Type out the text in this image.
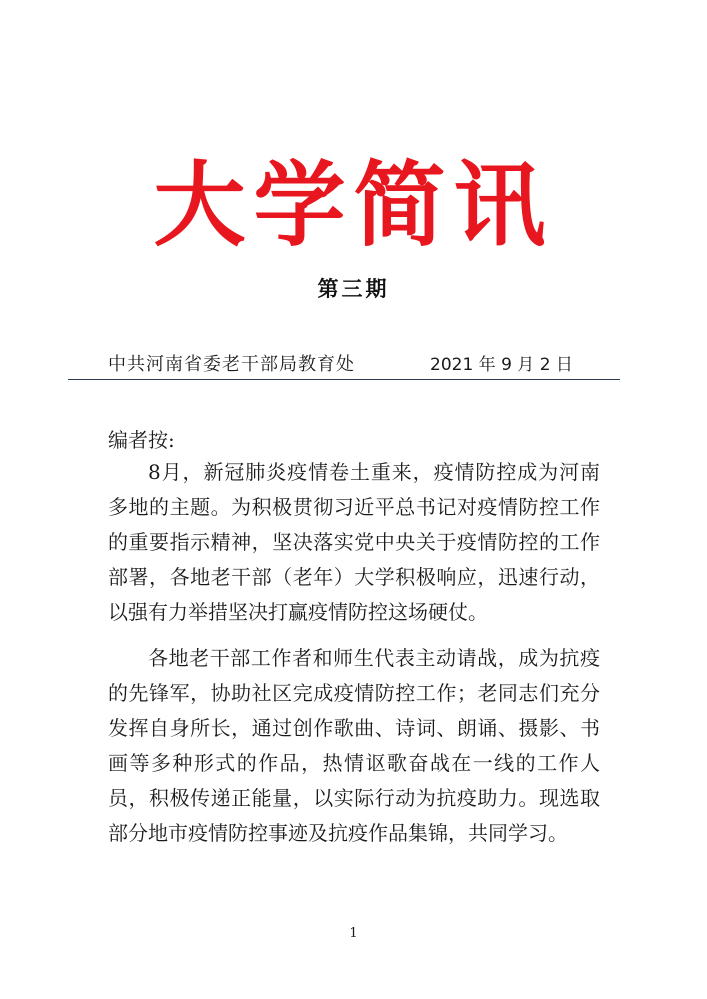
大学简讯
第三期
中共河南省委老干部局教育处	2021 年 9 月 2 日
编者按:

8月，新冠肺炎疫情卷土重来，疫情防控成为河南多地的主题。为积极贯彻习近平总书记对疫情防控工作的重要指示精神，坚决落实党中央关于疫情防控的工作部署，各地老干部（老年）大学积极响应，迅速行动，以强有力举措坚决打赢疫情防控这场硬仗。

各地老干部工作者和师生代表主动请战，成为抗疫的先锋军，协助社区完成疫情防控工作；老同志们充分发挥自身所长，通过创作歌曲、诗词、朗诵、摄影、书画等多种形式的作品，热情讴歌奋战在一线的工作人员，积极传递正能量，以实际行动为抗疫助力。现选取部分地市疫情防控事迹及抗疫作品集锦，共同学习。

1
